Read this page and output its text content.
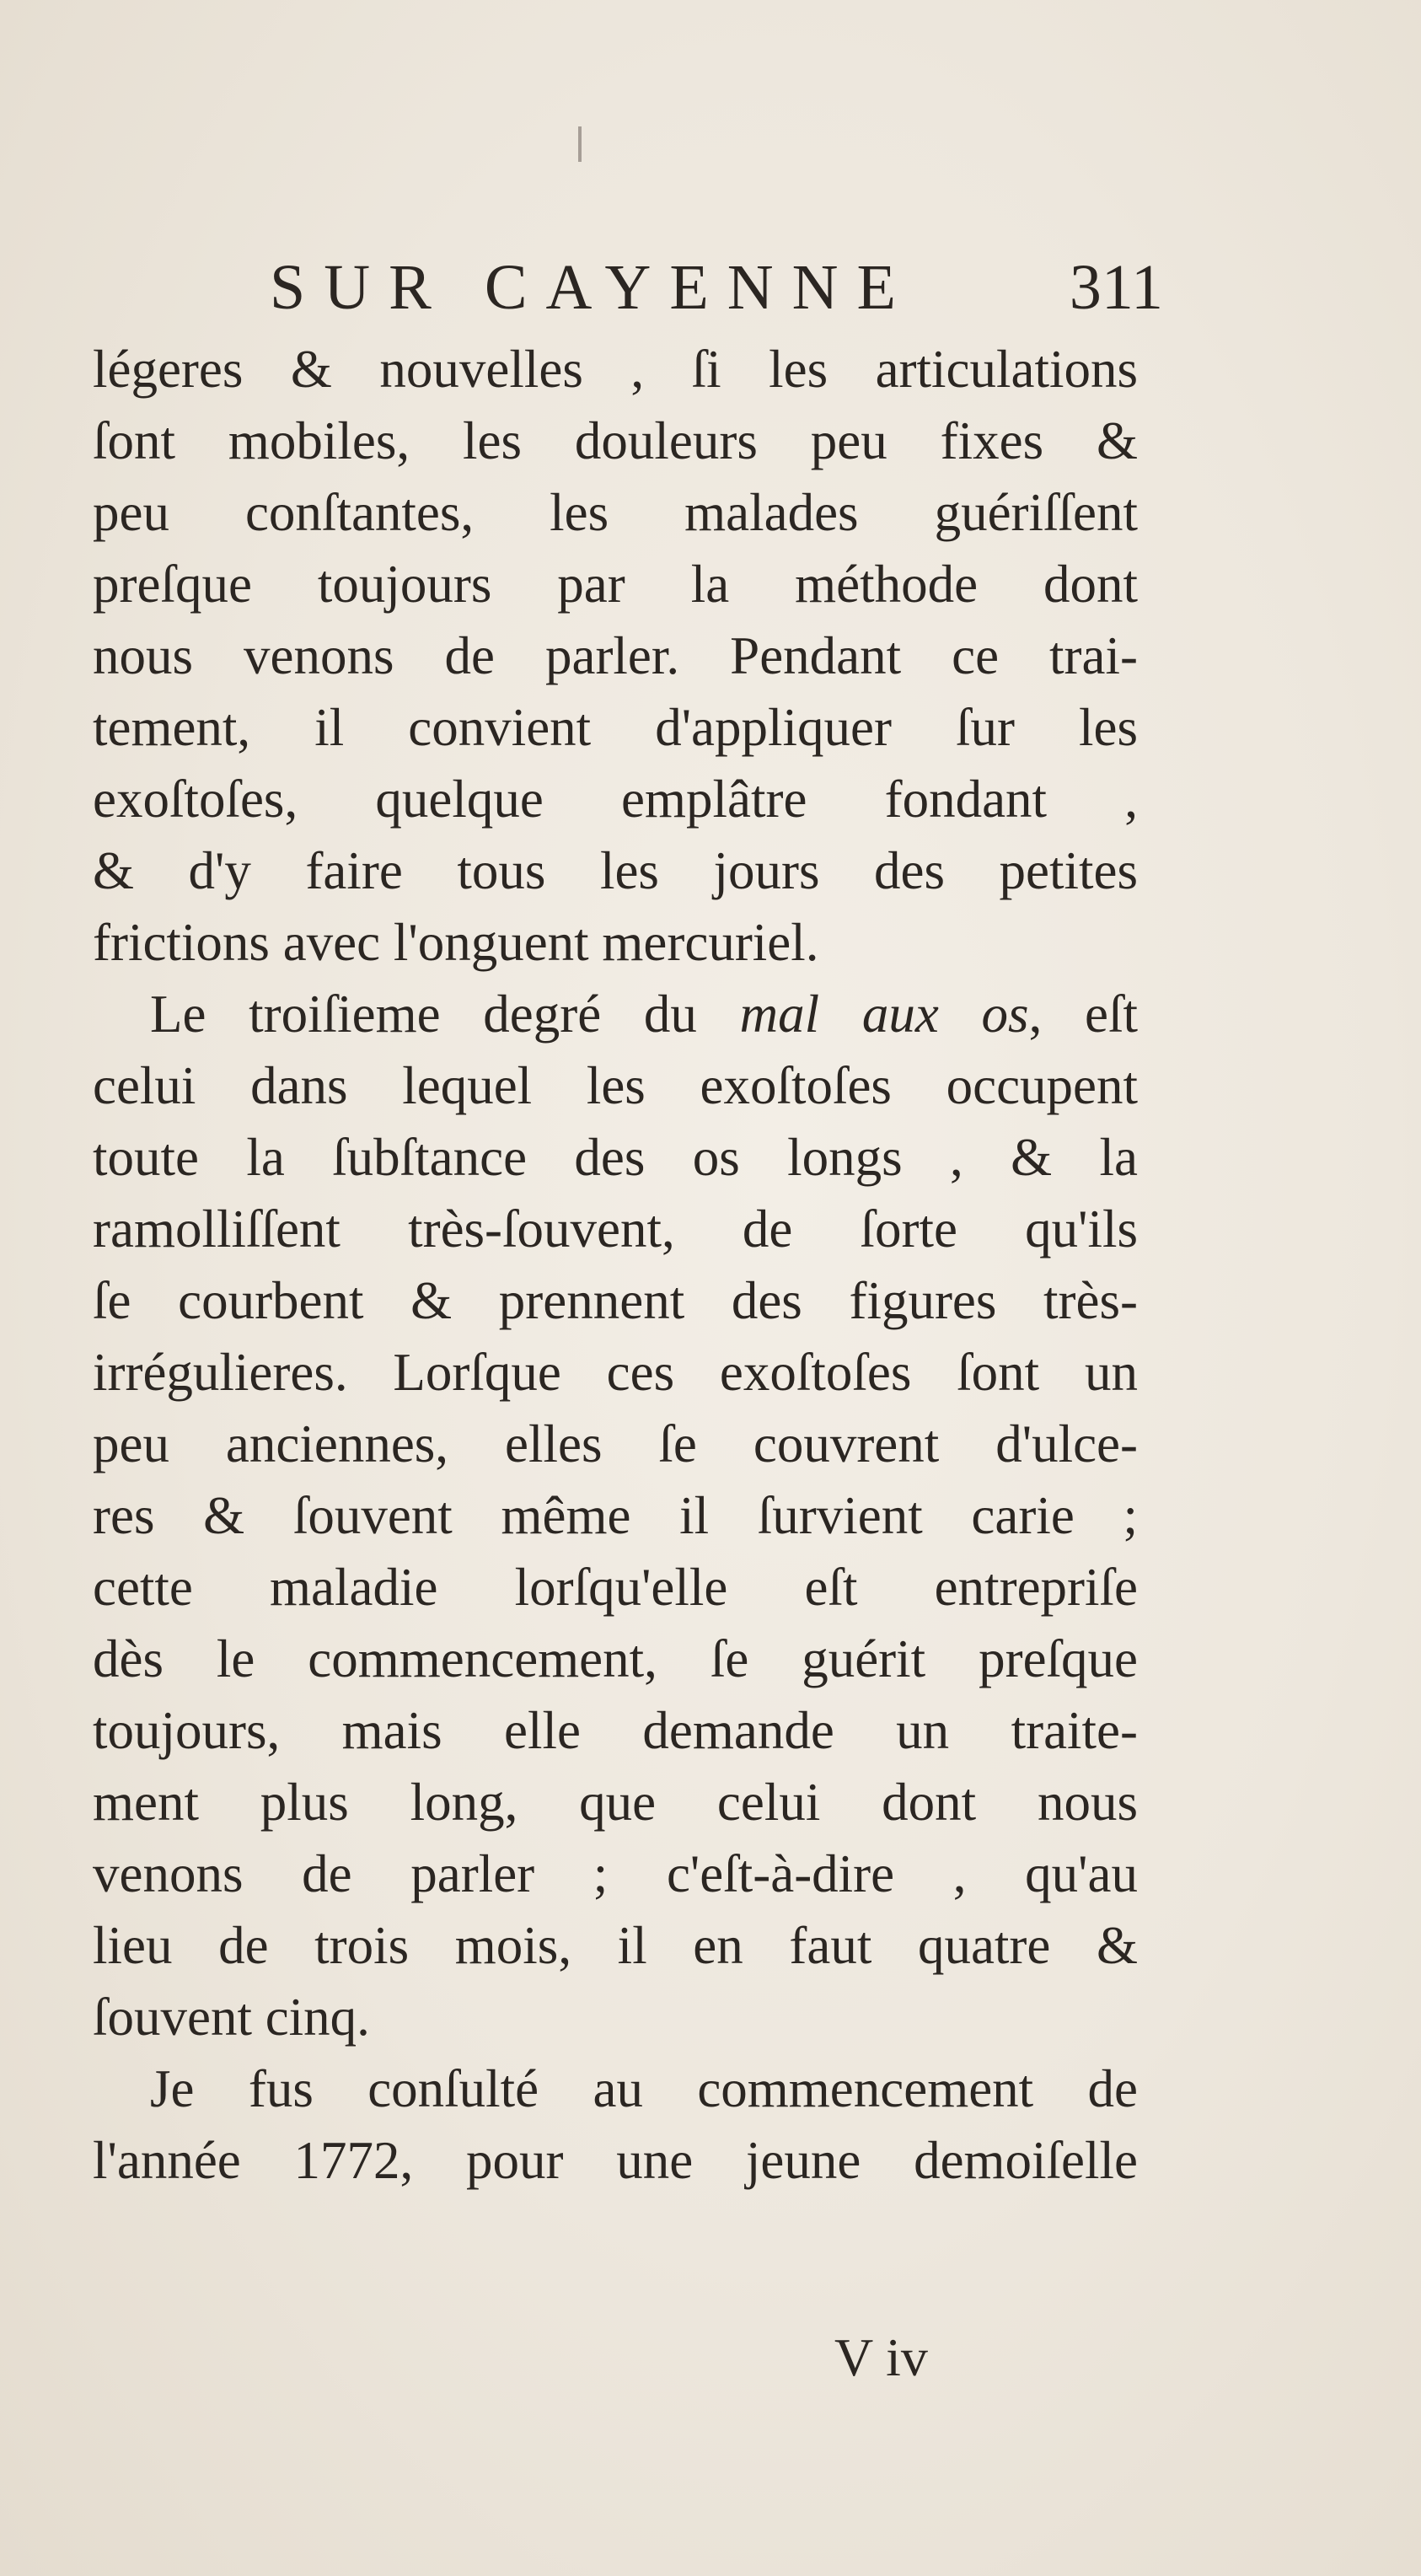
SUR CAYENNE 311
légeres & nouvelles , ſi les articulations
ſont mobiles, les douleurs peu fixes &
peu conſtantes, les malades guériſſent
preſque toujours par la méthode dont
nous venons de parler. Pendant ce trai-
tement, il convient d'appliquer ſur les
exoſtoſes, quelque emplâtre fondant ,
& d'y faire tous les jours des petites
frictions avec l'onguent mercuriel.
Le troiſieme degré du mal aux os, eſt
celui dans lequel les exoſtoſes occupent
toute la ſubſtance des os longs , & la
ramolliſſent très-ſouvent, de ſorte qu'ils
ſe courbent & prennent des figures très-
irrégulieres. Lorſque ces exoſtoſes ſont un
peu anciennes, elles ſe couvrent d'ulce-
res & ſouvent même il ſurvient carie ;
cette maladie lorſqu'elle eſt entrepriſe
dès le commencement, ſe guérit preſque
toujours, mais elle demande un traite-
ment plus long, que celui dont nous
venons de parler ; c'eſt-à-dire , qu'au
lieu de trois mois, il en faut quatre &
ſouvent cinq.
Je fus conſulté au commencement de
l'année 1772, pour une jeune demoiſelle
V iv
